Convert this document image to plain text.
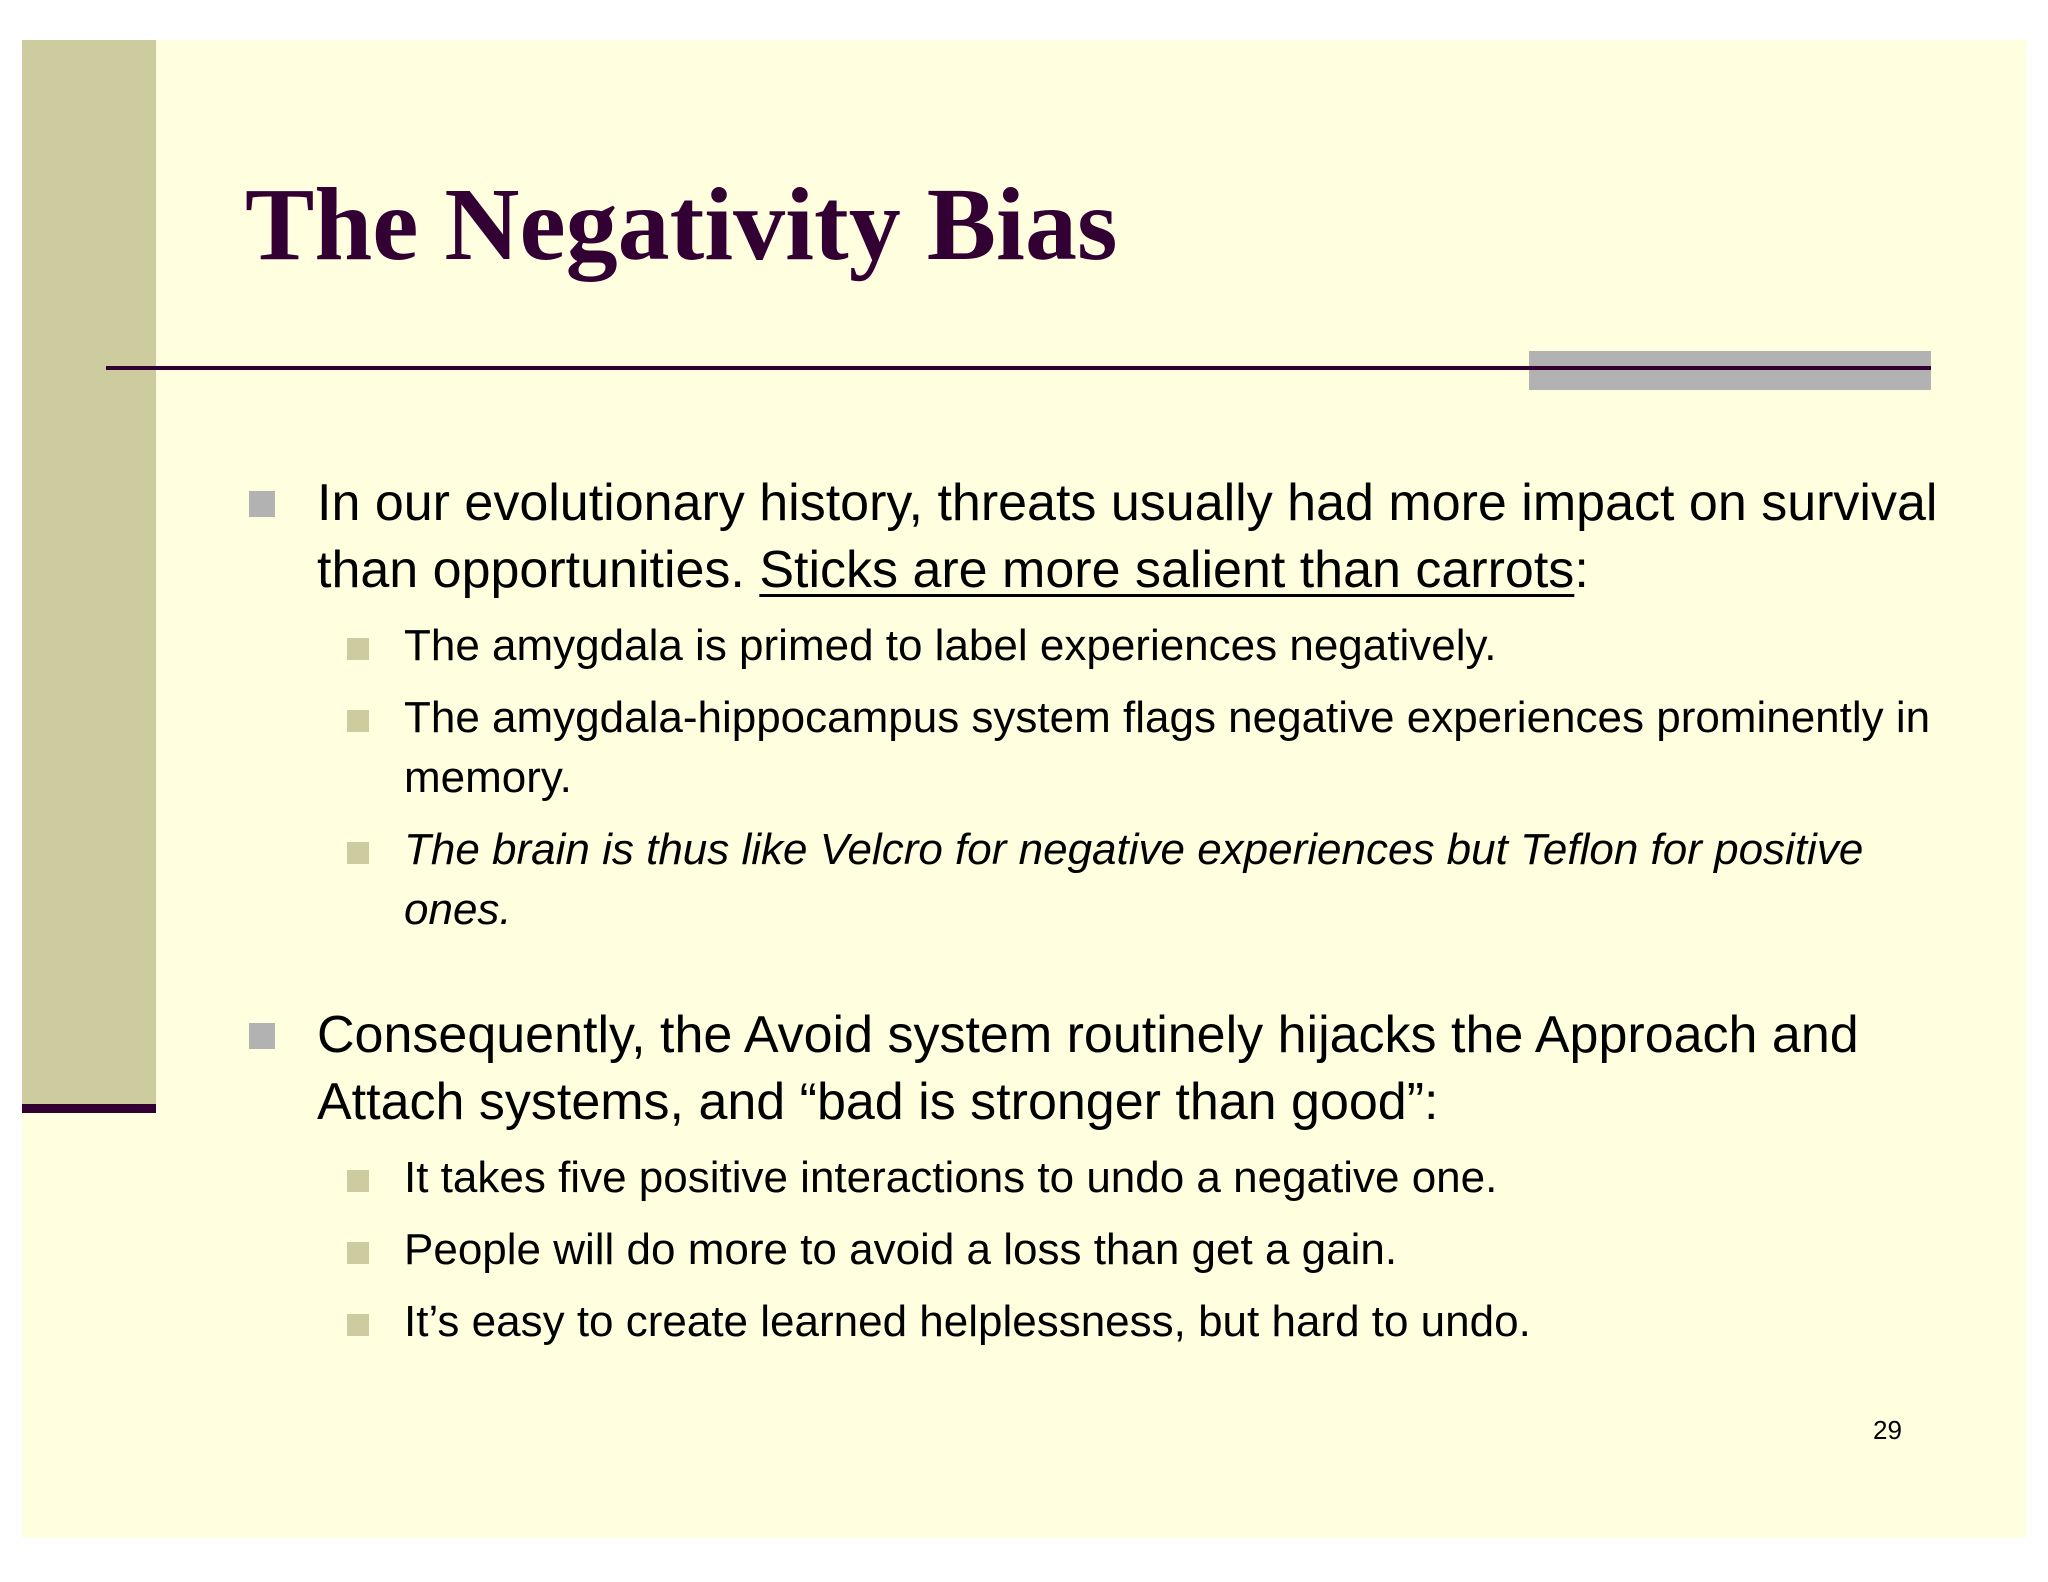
The Negativity Bias
In our evolutionary history, threats usually had more impact on survival than opportunities. Sticks are more salient than carrots:
The amygdala is primed to label experiences negatively.
The amygdala-hippocampus system flags negative experiences prominently in memory.
The brain is thus like Velcro for negative experiences but Teflon for positive ones.
Consequently, the Avoid system routinely hijacks the Approach and Attach systems, and “bad is stronger than good”:
It takes five positive interactions to undo a negative one.
People will do more to avoid a loss than get a gain.
It’s easy to create learned helplessness, but hard to undo.
29
